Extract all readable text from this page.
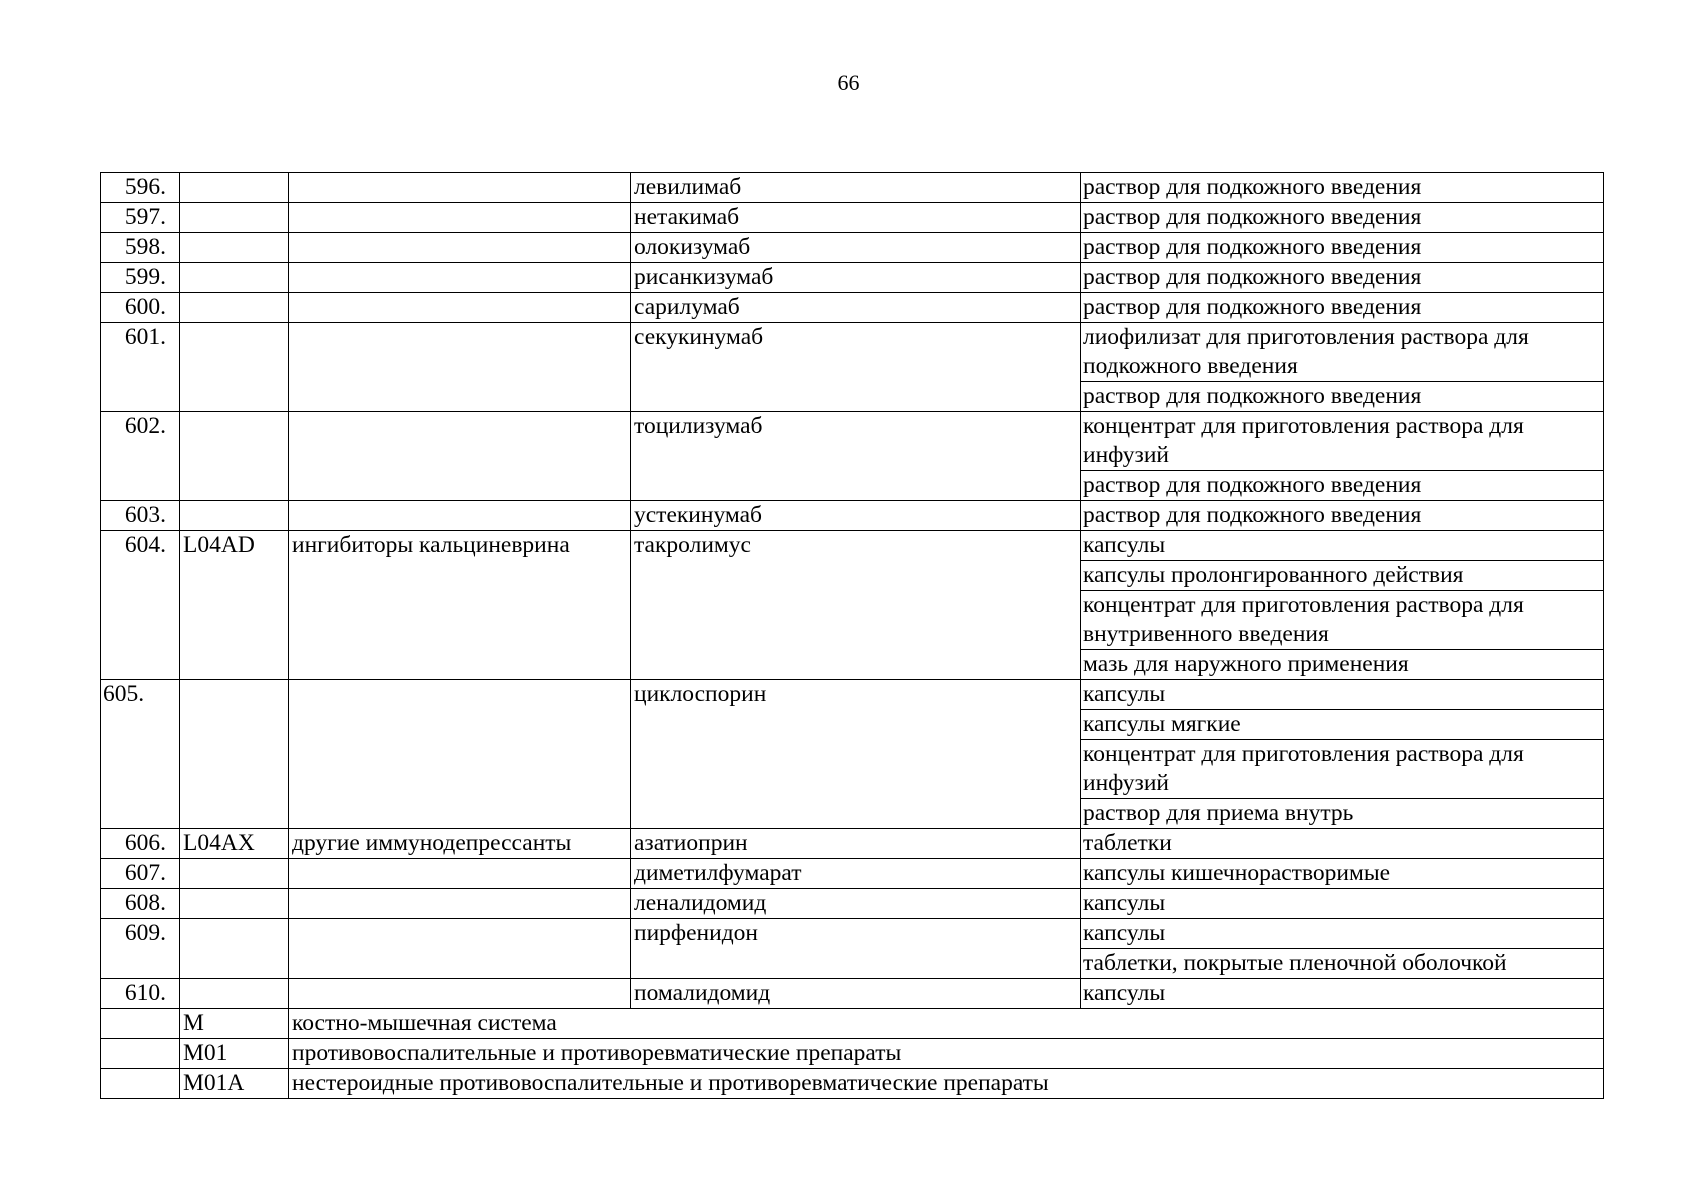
66
596.			левилимаб	раствор для подкожного введения
597.			нетакимаб	раствор для подкожного введения
598.			олокизумаб	раствор для подкожного введения
599.			рисанкизумаб	раствор для подкожного введения
600.			сарилумаб	раствор для подкожного введения
601.			секукинумаб	лиофилизат для приготовления раствора для подкожного введения
				раствор для подкожного введения
602.			тоцилизумаб	концентрат для приготовления раствора для инфузий
				раствор для подкожного введения
603.			устекинумаб	раствор для подкожного введения
604.	L04AD	ингибиторы кальциневрина	такролимус	капсулы
				капсулы пролонгированного действия
				концентрат для приготовления раствора для внутривенного введения
				мазь для наружного применения
605.			циклоспорин	капсулы
				капсулы мягкие
				концентрат для приготовления раствора для инфузий
				раствор для приема внутрь
606.	L04AX	другие иммунодепрессанты	азатиоприн	таблетки
607.			диметилфумарат	капсулы кишечнорастворимые
608.			леналидомид	капсулы
609.			пирфенидон	капсулы
				таблетки, покрытые пленочной оболочкой
610.			помалидомид	капсулы
	M	костно-мышечная система		
	M01	противовоспалительные и противоревматические препараты		
	M01A	нестероидные противовоспалительные и противоревматические препараты		
